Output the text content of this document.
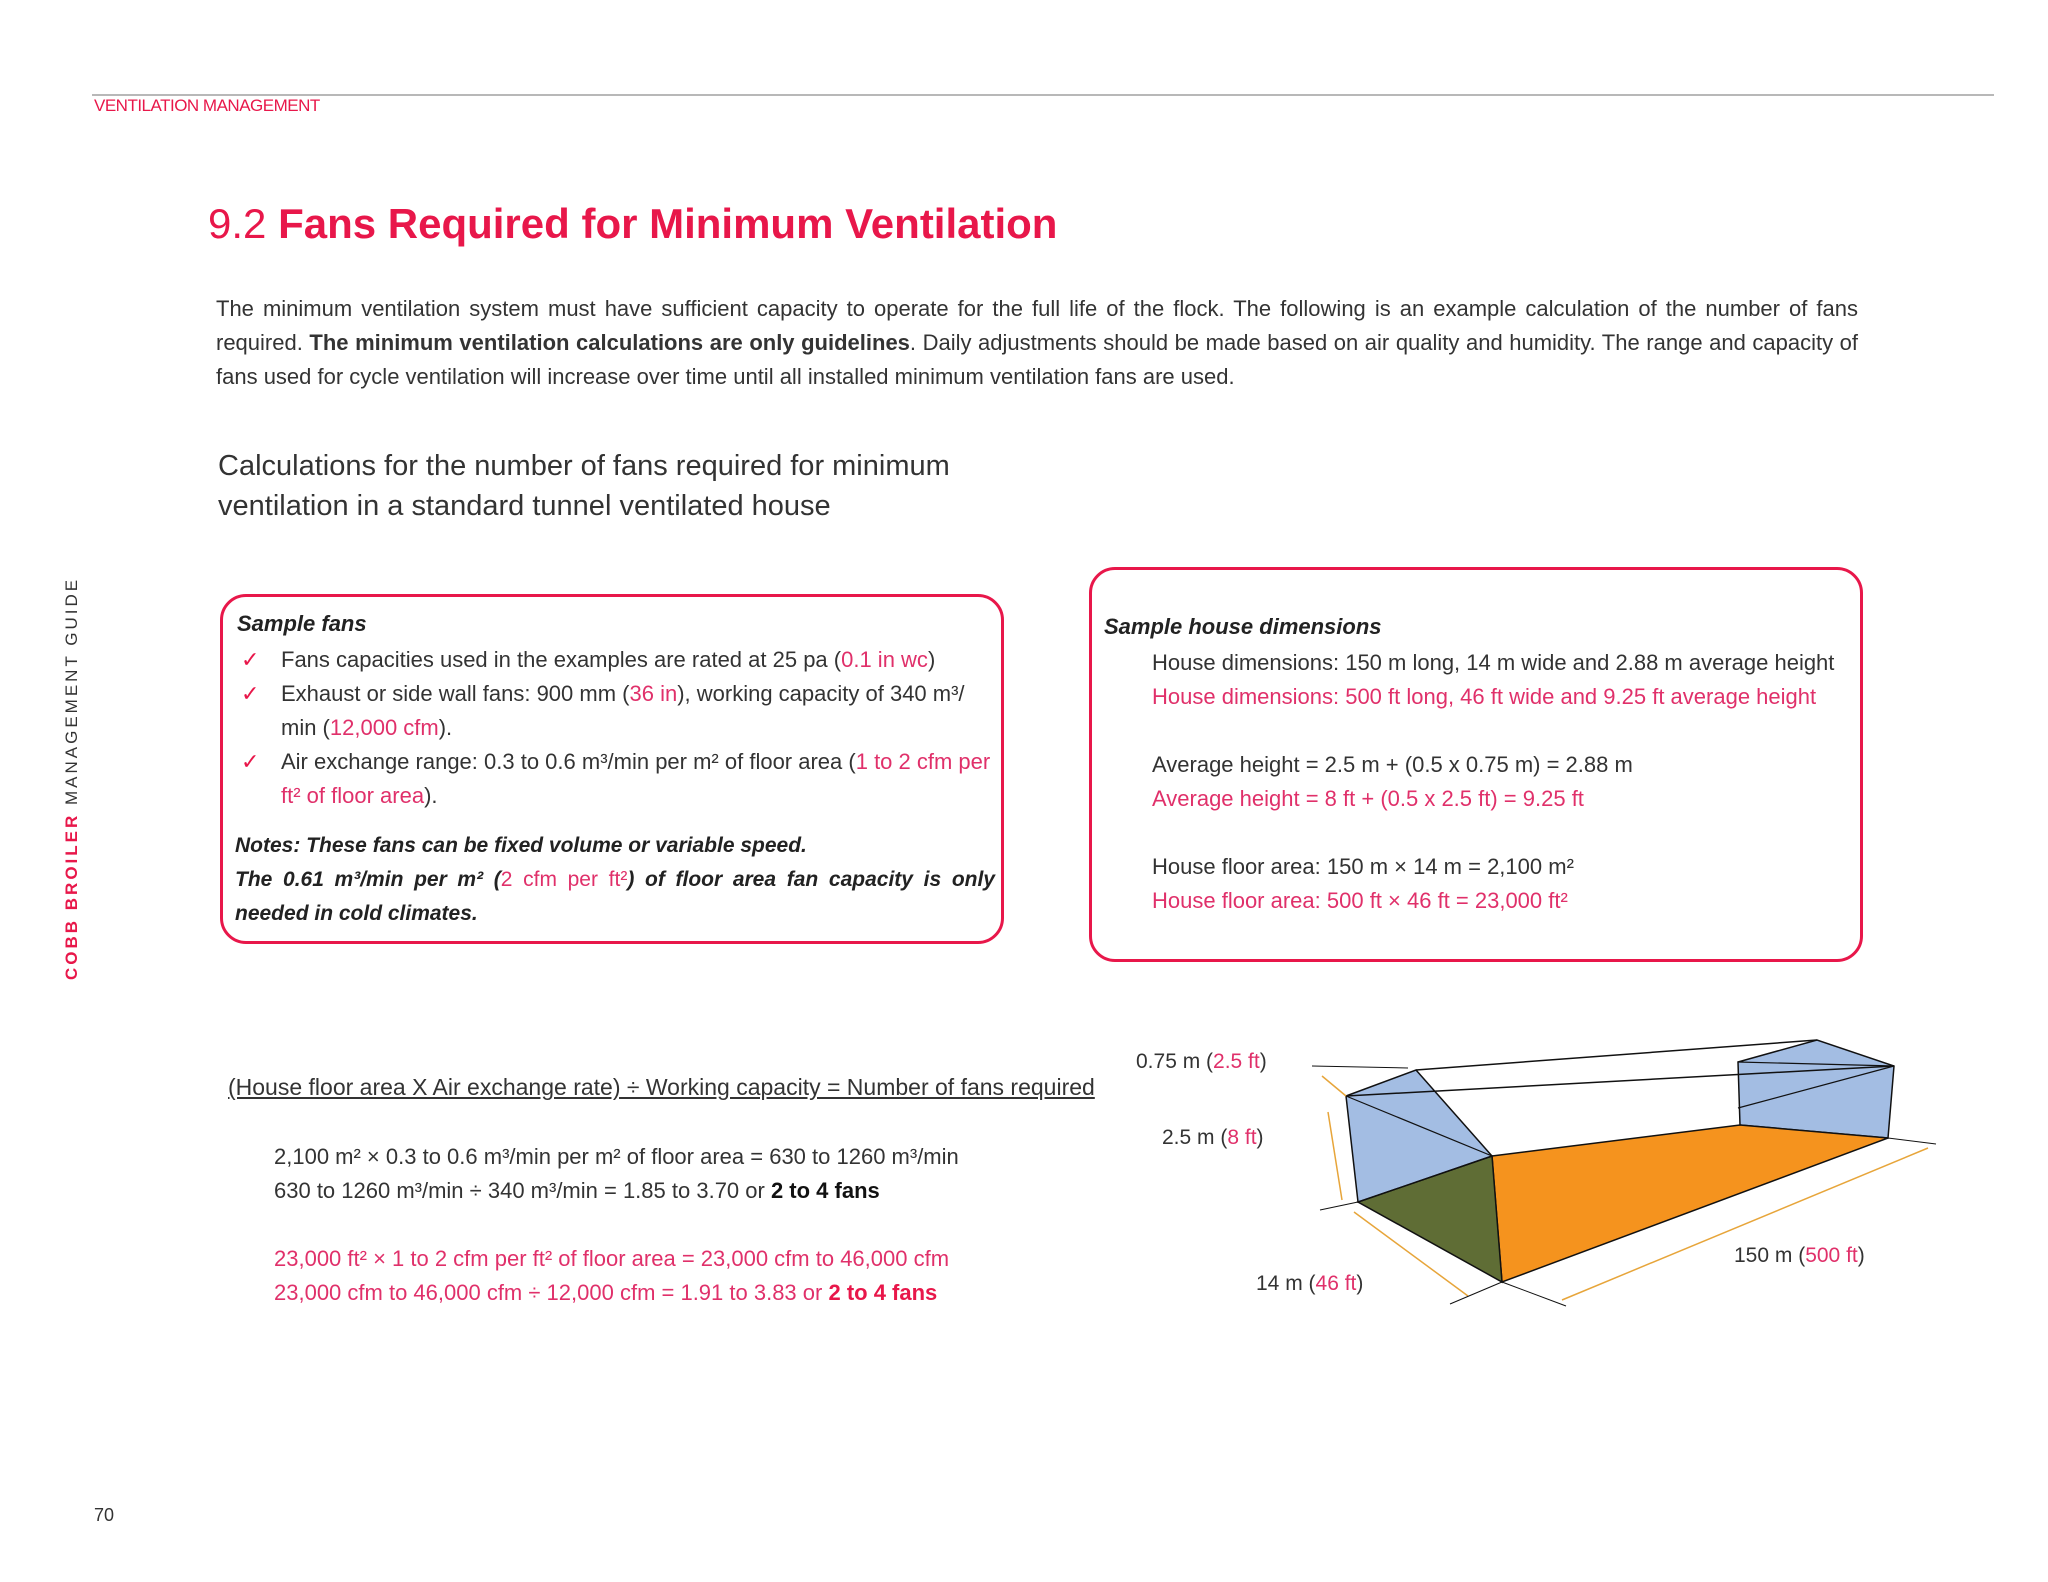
VENTILATION MANAGEMENT
COBB BROILER MANAGEMENT GUIDE
9.2 Fans Required for Minimum Ventilation

The minimum ventilation system must have sufficient capacity to operate for the full life of the flock. The following is an example calculation of the number of fans required. The minimum ventilation calculations are only guidelines. Daily adjustments should be made based on air quality and humidity. The range and capacity of fans used for cycle ventilation will increase over time until all installed minimum ventilation fans are used.

Calculations for the number of fans required for minimum ventilation in a standard tunnel ventilated house
Sample fans
✓ Fans capacities used in the examples are rated at 25 pa (0.1 in wc)
✓ Exhaust or side wall fans: 900 mm (36 in), working capacity of 340 m³/ min (12,000 cfm).
✓ Air exchange range: 0.3 to 0.6 m³/min per m² of floor area (1 to 2 cfm per ft² of floor area).
Notes: These fans can be fixed volume or variable speed.
The 0.61 m³/min per m² (2 cfm per ft²) of floor area fan capacity is only needed in cold climates.
Sample house dimensions
House dimensions: 150 m long, 14 m wide and 2.88 m average height
House dimensions: 500 ft long, 46 ft wide and 9.25 ft average height
Average height = 2.5 m + (0.5 x 0.75 m) = 2.88 m
Average height = 8 ft + (0.5 x 2.5 ft) = 9.25 ft
House floor area: 150 m × 14 m = 2,100 m²
House floor area: 500 ft × 46 ft = 23,000 ft²
(House floor area X Air exchange rate) ÷ Working capacity = Number of fans required
2,100 m² × 0.3 to 0.6 m³/min per m² of floor area = 630 to 1260 m³/min
630 to 1260 m³/min ÷ 340 m³/min = 1.85 to 3.70 or 2 to 4 fans
23,000 ft² × 1 to 2 cfm per ft² of floor area = 23,000 cfm to 46,000 cfm
23,000 cfm to 46,000 cfm ÷ 12,000 cfm = 1.91 to 3.83 or 2 to 4 fans
0.75 m (2.5 ft)
2.5 m (8 ft)
14 m (46 ft)
150 m (500 ft)
70
